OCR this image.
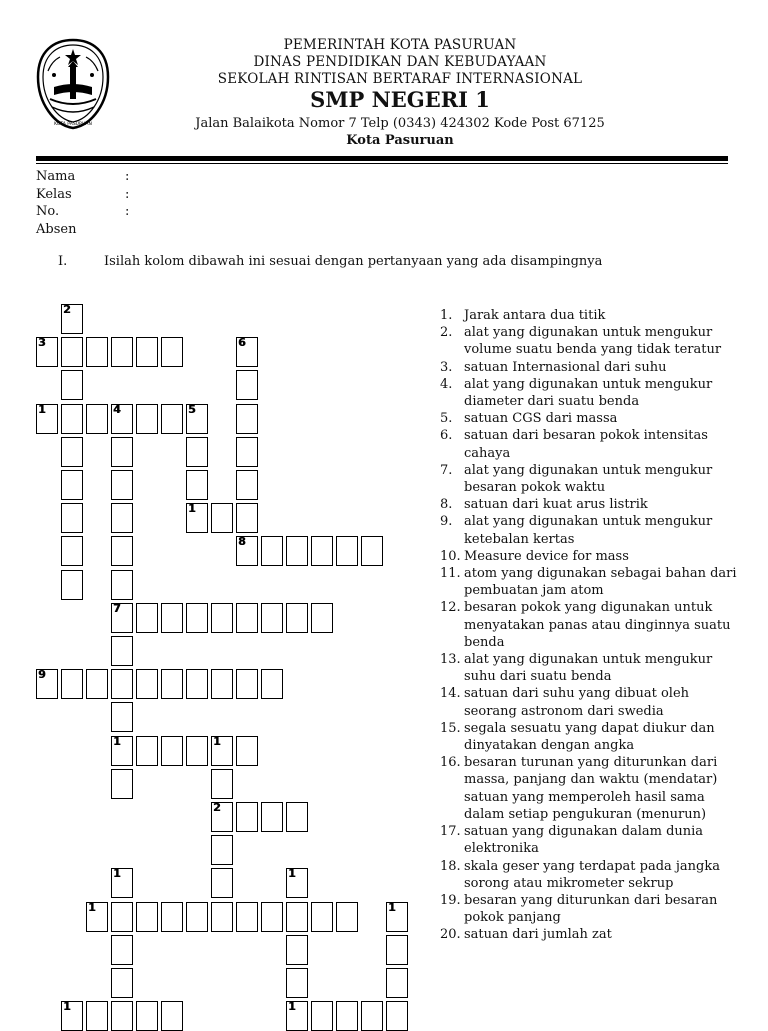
KOTA PASURUAN
PEMERINTAH KOTA PASURUAN
DINAS PENDIDIKAN DAN KEBUDAYAAN
SEKOLAH RINTISAN BERTARAF INTERNASIONAL
SMP NEGERI 1
Jalan Balaikota Nomor 7 Telp (0343) 424302 Kode Post 67125
Kota Pasuruan
Nama	:
Kelas	:
No. Absen
:
I.	Isilah kolom dibawah ini sesuai dengan pertanyaan yang ada disampingnya
2
3	6
1	4	5
1
8
7
9
1	1
2
1	1
1	1
1	1
1. Jarak antara dua titik
2. alat yang digunakan untuk mengukur volume suatu benda yang tidak teratur
3. satuan Internasional dari suhu
4. alat yang digunakan untuk mengukur diameter dari suatu benda
5. satuan CGS dari massa
6. satuan dari besaran pokok intensitas cahaya
7. alat yang digunakan untuk mengukur besaran pokok waktu
8. satuan dari kuat arus listrik
9. alat yang digunakan untuk mengukur ketebalan kertas
10. Measure device for mass
11. atom yang digunakan sebagai bahan dari pembuatan jam atom
12. besaran pokok yang digunakan untuk menyatakan panas atau dinginnya suatu benda
13. alat yang digunakan untuk mengukur suhu dari suatu benda
14. satuan dari suhu yang dibuat oleh seorang astronom dari swedia
15. segala sesuatu yang dapat diukur dan dinyatakan dengan angka
16. besaran turunan yang diturunkan dari massa, panjang dan waktu (mendatar) satuan yang memperoleh hasil sama dalam setiap pengukuran (menurun)
17. satuan yang digunakan dalam dunia elektronika
18. skala geser yang terdapat pada jangka sorong atau mikrometer sekrup
19. besaran yang diturunkan dari besaran pokok panjang
20. satuan dari jumlah zat
